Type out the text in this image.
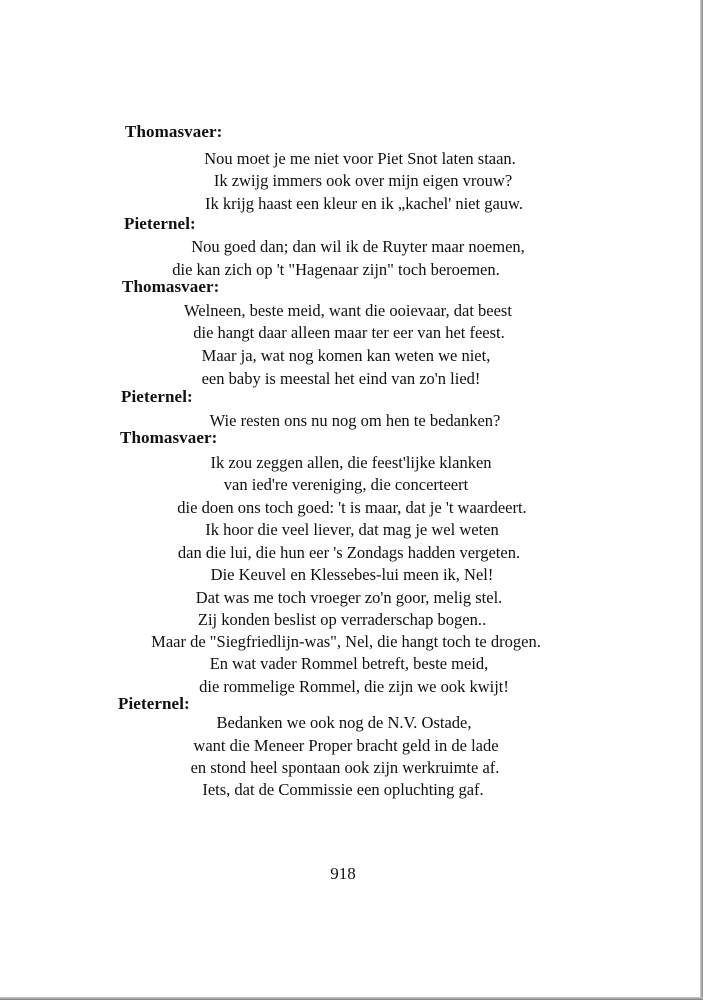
Thomasvaer:
Nou moet je me niet voor Piet Snot laten staan.
Ik zwijg immers ook over mijn eigen vrouw?
Ik krijg haast een kleur en ik „kachel' niet gauw.
Pieternel:
Nou goed dan; dan wil ik de Ruyter maar noemen,
die kan zich op 't "Hagenaar zijn" toch beroemen.
Thomasvaer:
Welneen, beste meid, want die ooievaar, dat beest
die hangt daar alleen maar ter eer van het feest.
Maar ja, wat nog komen kan weten we niet,
een baby is meestal het eind van zo'n lied!
Pieternel:
Wie resten ons nu nog om hen te bedanken?
Thomasvaer:
Ik zou zeggen allen, die feest'lijke klanken
van ied're vereniging, die concerteert
die doen ons toch goed: 't is maar, dat je 't waardeert.
Ik hoor die veel liever, dat mag je wel weten
dan die lui, die hun eer 's Zondags hadden vergeten.
Die Keuvel en Klessebes-lui meen ik, Nel!
Dat was me toch vroeger zo'n goor, melig stel.
Zij konden beslist op verraderschap bogen..
Maar de "Siegfriedlijn-was", Nel, die hangt toch te drogen.
En wat vader Rommel betreft, beste meid,
die rommelige Rommel, die zijn we ook kwijt!
Pieternel:
Bedanken we ook nog de N.V. Ostade,
want die Meneer Proper bracht geld in de lade
en stond heel spontaan ook zijn werkruimte af.
Iets, dat de Commissie een opluchting gaf.
918
